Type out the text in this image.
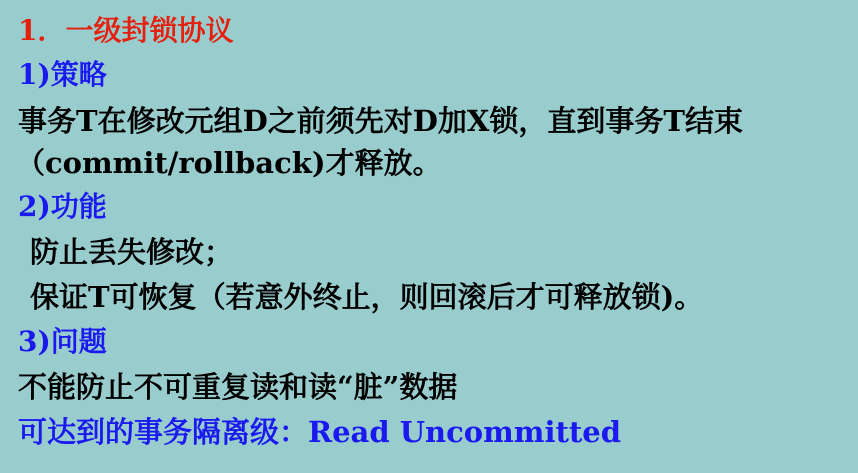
1．一级封锁协议
1)策略
事务T在修改元组D之前须先对D加X锁，直到事务T结束
（commit/rollback)才释放。
2)功能
防止丢失修改；
保证T可恢复（若意外终止，则回滚后才可释放锁)。
3)问题
不能防止不可重复读和读“脏”数据
可达到的事务隔离级：Read Uncommitted
